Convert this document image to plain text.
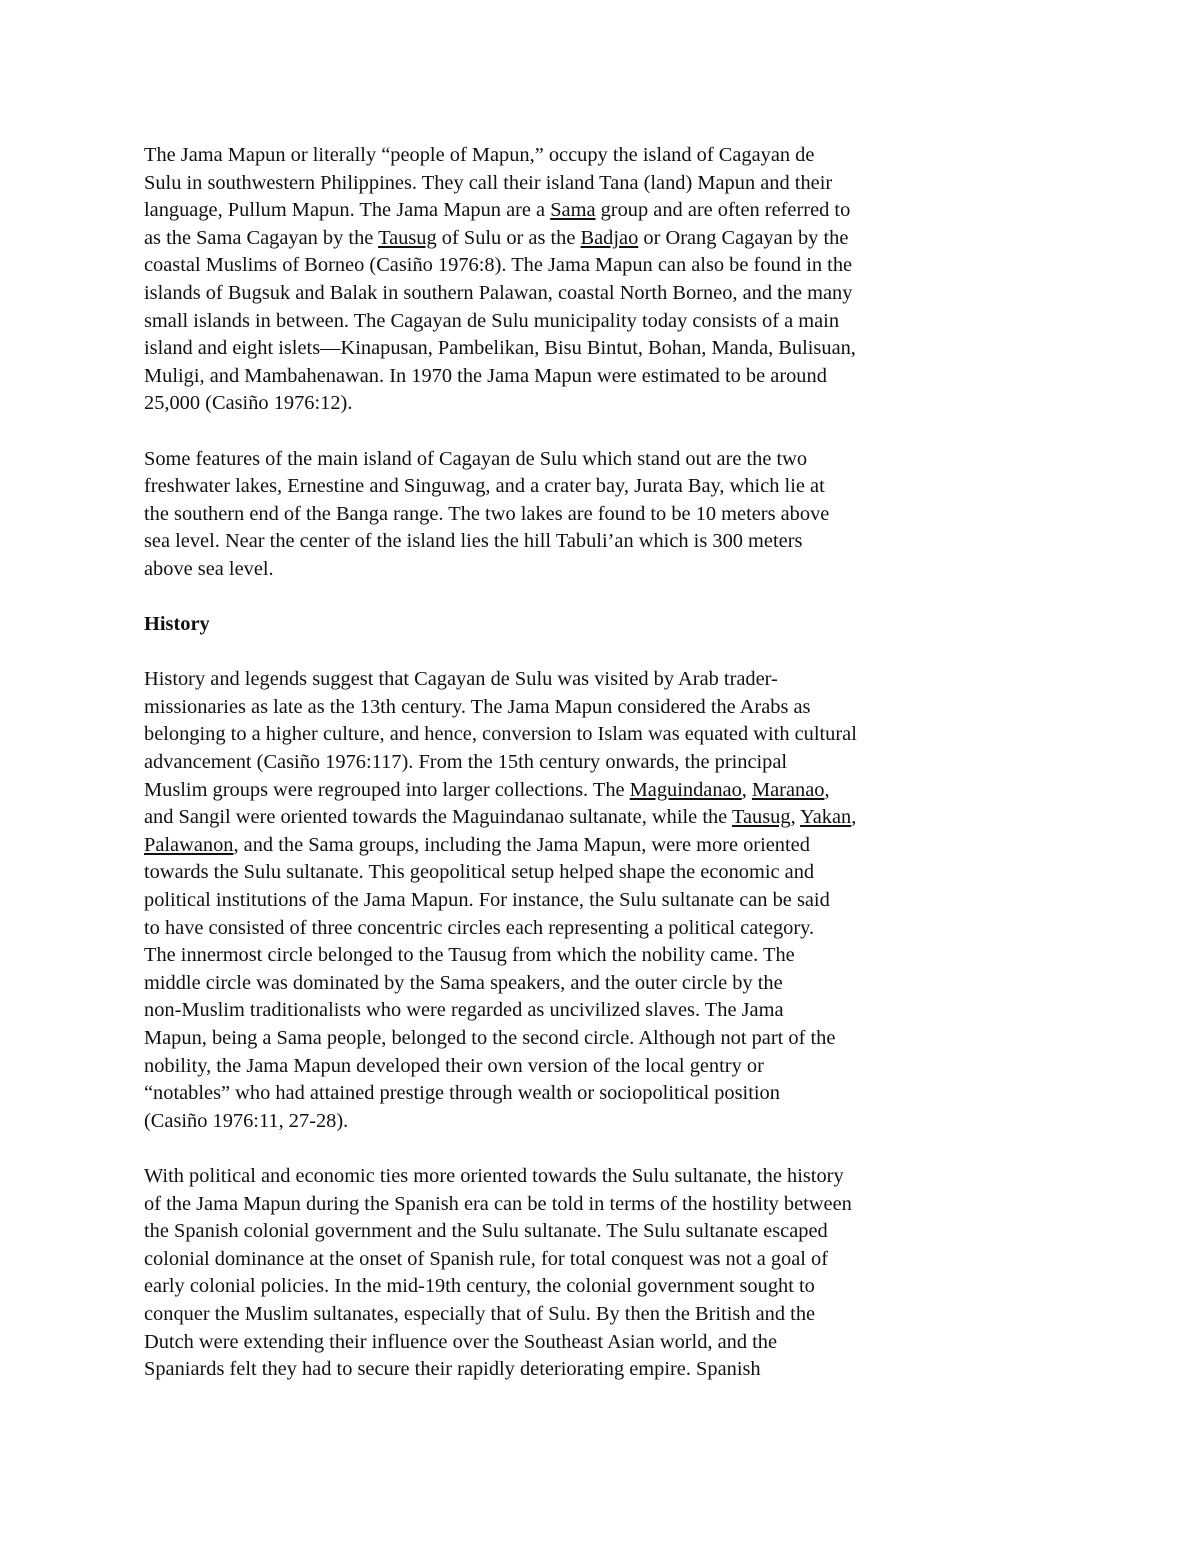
The Jama Mapun or literally “people of Mapun,” occupy the island of Cagayan de
Sulu in southwestern Philippines. They call their island Tana (land) Mapun and their
language, Pullum Mapun. The Jama Mapun are a Sama group and are often referred to
as the Sama Cagayan by the Tausug of Sulu or as the Badjao or Orang Cagayan by the
coastal Muslims of Borneo (Casiño 1976:8). The Jama Mapun can also be found in the
islands of Bugsuk and Balak in southern Palawan, coastal North Borneo, and the many
small islands in between. The Cagayan de Sulu municipality today consists of a main
island and eight islets—Kinapusan, Pambelikan, Bisu Bintut, Bohan, Manda, Bulisuan,
Muligi, and Mambahenawan. In 1970 the Jama Mapun were estimated to be around
25,000 (Casiño 1976:12).
Some features of the main island of Cagayan de Sulu which stand out are the two
freshwater lakes, Ernestine and Singuwag, and a crater bay, Jurata Bay, which lie at
the southern end of the Banga range. The two lakes are found to be 10 meters above
sea level. Near the center of the island lies the hill Tabuli’an which is 300 meters
above sea level.
History
History and legends suggest that Cagayan de Sulu was visited by Arab trader-
missionaries as late as the 13th century. The Jama Mapun considered the Arabs as
belonging to a higher culture, and hence, conversion to Islam was equated with cultural
advancement (Casiño 1976:117). From the 15th century onwards, the principal
Muslim groups were regrouped into larger collections. The Maguindanao, Maranao,
and Sangil were oriented towards the Maguindanao sultanate, while the Tausug, Yakan,
Palawanon, and the Sama groups, including the Jama Mapun, were more oriented
towards the Sulu sultanate. This geopolitical setup helped shape the economic and
political institutions of the Jama Mapun. For instance, the Sulu sultanate can be said
to have consisted of three concentric circles each representing a political category.
The innermost circle belonged to the Tausug from which the nobility came. The
middle circle was dominated by the Sama speakers, and the outer circle by the
non-Muslim traditionalists who were regarded as uncivilized slaves. The Jama
Mapun, being a Sama people, belonged to the second circle. Although not part of the
nobility, the Jama Mapun developed their own version of the local gentry or
“notables” who had attained prestige through wealth or sociopolitical position
(Casiño 1976:11, 27-28).
With political and economic ties more oriented towards the Sulu sultanate, the history
of the Jama Mapun during the Spanish era can be told in terms of the hostility between
the Spanish colonial government and the Sulu sultanate. The Sulu sultanate escaped
colonial dominance at the onset of Spanish rule, for total conquest was not a goal of
early colonial policies. In the mid-19th century, the colonial government sought to
conquer the Muslim sultanates, especially that of Sulu. By then the British and the
Dutch were extending their influence over the Southeast Asian world, and the
Spaniards felt they had to secure their rapidly deteriorating empire. Spanish
